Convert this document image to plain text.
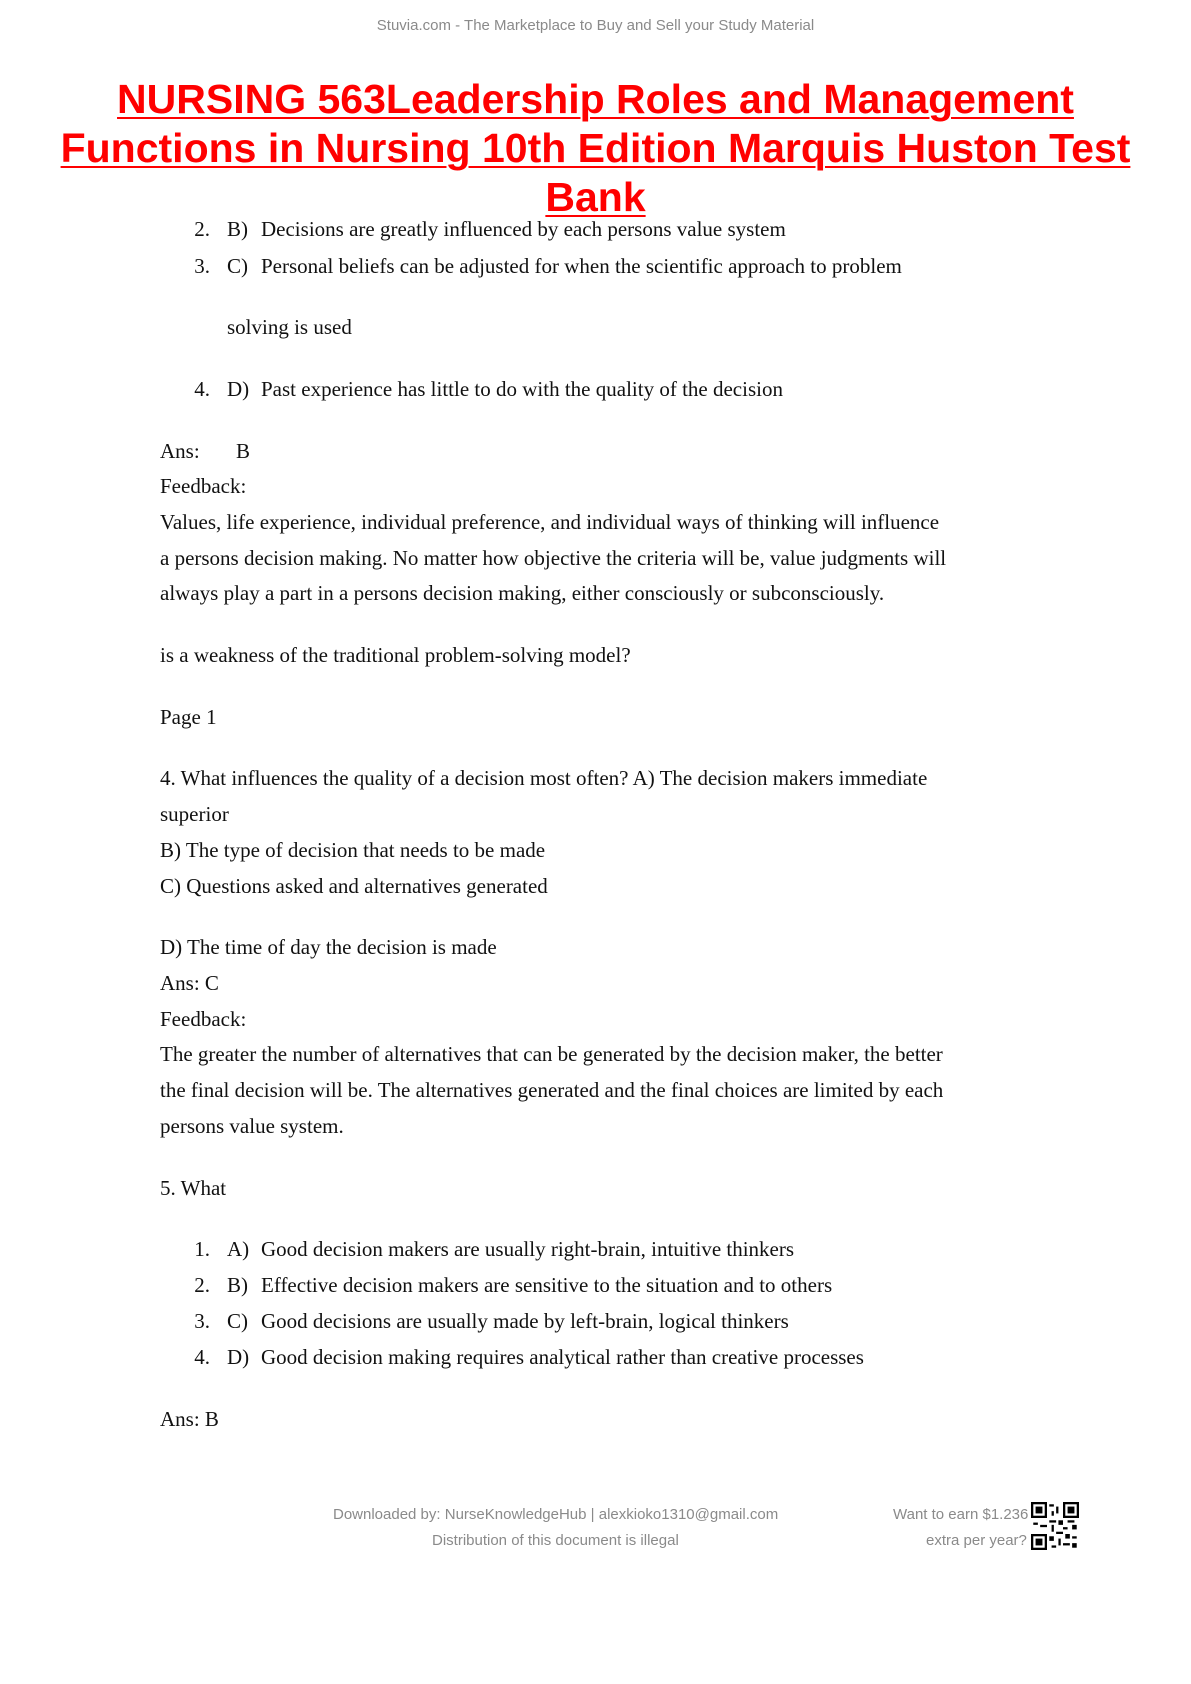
Stuvia.com - The Marketplace to Buy and Sell your Study Material
NURSING 563Leadership Roles and Management Functions in Nursing 10th Edition Marquis Huston Test Bank
2. B) Decisions are greatly influenced by each persons value system
3. C) Personal beliefs can be adjusted for when the scientific approach to problem
solving is used
4. D) Past experience has little to do with the quality of the decision
Ans: B
Feedback:
Values, life experience, individual preference, and individual ways of thinking will influence
a persons decision making. No matter how objective the criteria will be, value judgments will
always play a part in a persons decision making, either consciously or subconsciously.
is a weakness of the traditional problem-solving model?
Page 1
4. What influences the quality of a decision most often? A) The decision makers immediate
superior
B) The type of decision that needs to be made
C) Questions asked and alternatives generated
D) The time of day the decision is made
Ans: C
Feedback:
The greater the number of alternatives that can be generated by the decision maker, the better
the final decision will be. The alternatives generated and the final choices are limited by each
persons value system.
5. What
1. A) Good decision makers are usually right-brain, intuitive thinkers
2. B) Effective decision makers are sensitive to the situation and to others
3. C) Good decisions are usually made by left-brain, logical thinkers
4. D) Good decision making requires analytical rather than creative processes
Ans: B
Downloaded by: NurseKnowledgeHub | alexkioko1310@gmail.com
Distribution of this document is illegal
Want to earn $1.236
extra per year?
